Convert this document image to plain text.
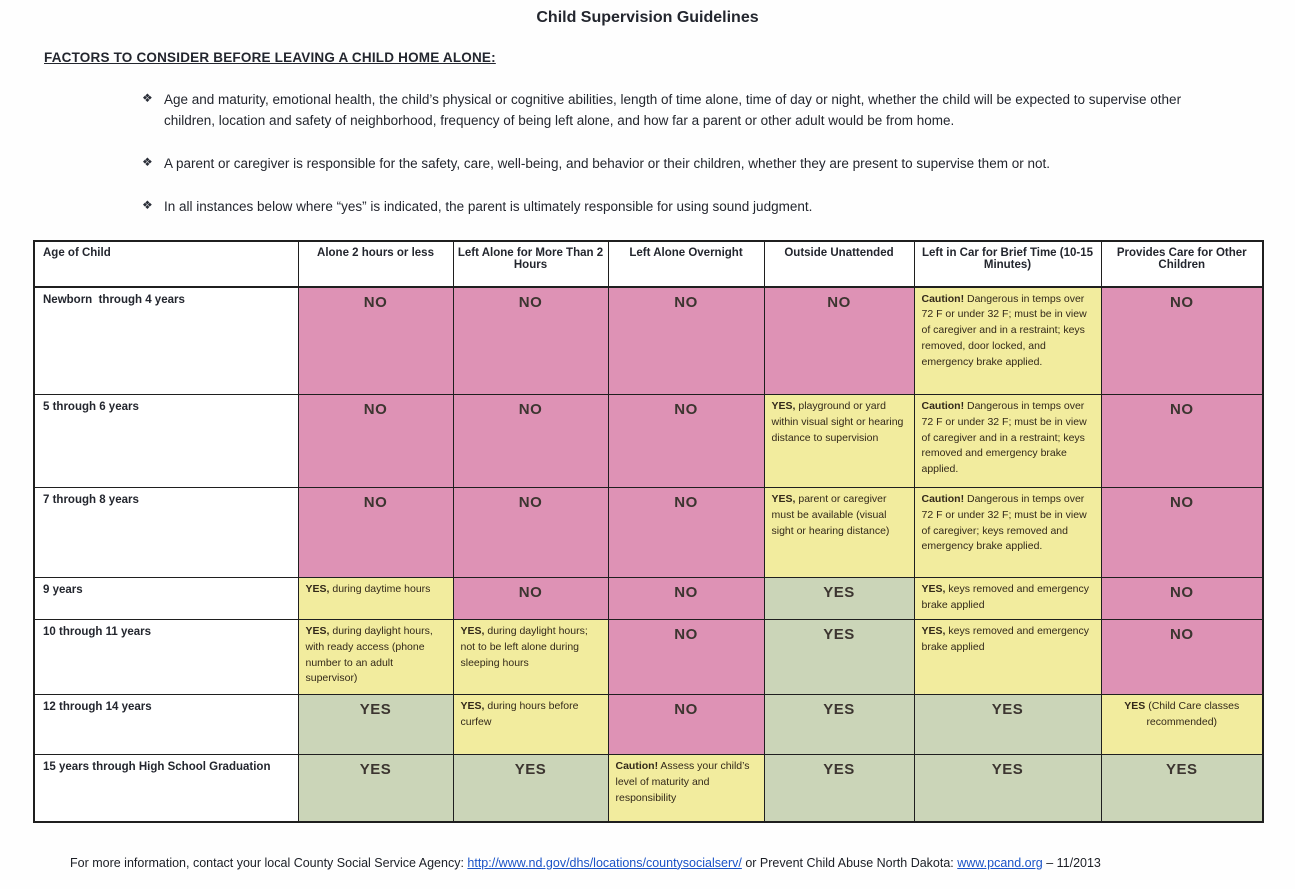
Child Supervision Guidelines
FACTORS TO CONSIDER BEFORE LEAVING A CHILD HOME ALONE:
❖ Age and maturity, emotional health, the child’s physical or cognitive abilities, length of time alone, time of day or night, whether the child will be expected to supervise other children, location and safety of neighborhood, frequency of being left alone, and how far a parent or other adult would be from home.
❖ A parent or caregiver is responsible for the safety, care, well-being, and behavior or their children, whether they are present to supervise them or not.
❖ In all instances below where “yes” is indicated, the parent is ultimately responsible for using sound judgment.
Age of Child	Alone 2 hours or less	Left Alone for More Than 2 Hours	Left Alone Overnight	Outside Unattended	Left in Car for Brief Time (10-15 Minutes)	Provides Care for Other Children
Newborn  through 4 years	NO	NO	NO	NO	Caution! Dangerous in temps over 72 F or under 32 F; must be in view of caregiver and in a restraint; keys removed, door locked, and emergency brake applied.	NO
5 through 6 years	NO	NO	NO	YES, playground or yard within visual sight or hearing distance to supervision	Caution! Dangerous in temps over 72 F or under 32 F; must be in view of caregiver and in a restraint; keys removed and emergency brake applied.	NO
7 through 8 years	NO	NO	NO	YES, parent or caregiver must be available (visual sight or hearing distance)	Caution! Dangerous in temps over 72 F or under 32 F; must be in view of caregiver; keys removed and emergency brake applied.	NO
9 years	YES, during daytime hours	NO	NO	YES	YES, keys removed and emergency brake applied	NO
10 through 11 years	YES, during daylight hours, with ready access (phone number to an adult supervisor)	YES, during daylight hours; not to be left alone during sleeping hours	NO	YES	YES, keys removed and emergency brake applied	NO
12 through 14 years	YES	YES, during hours before curfew	NO	YES	YES	YES (Child Care classes recommended)
15 years through High School Graduation	YES	YES	Caution! Assess your child’s level of maturity and responsibility	YES	YES	YES
For more information, contact your local County Social Service Agency: http://www.nd.gov/dhs/locations/countysocialserv/ or Prevent Child Abuse North Dakota: www.pcand.org – 11/2013
